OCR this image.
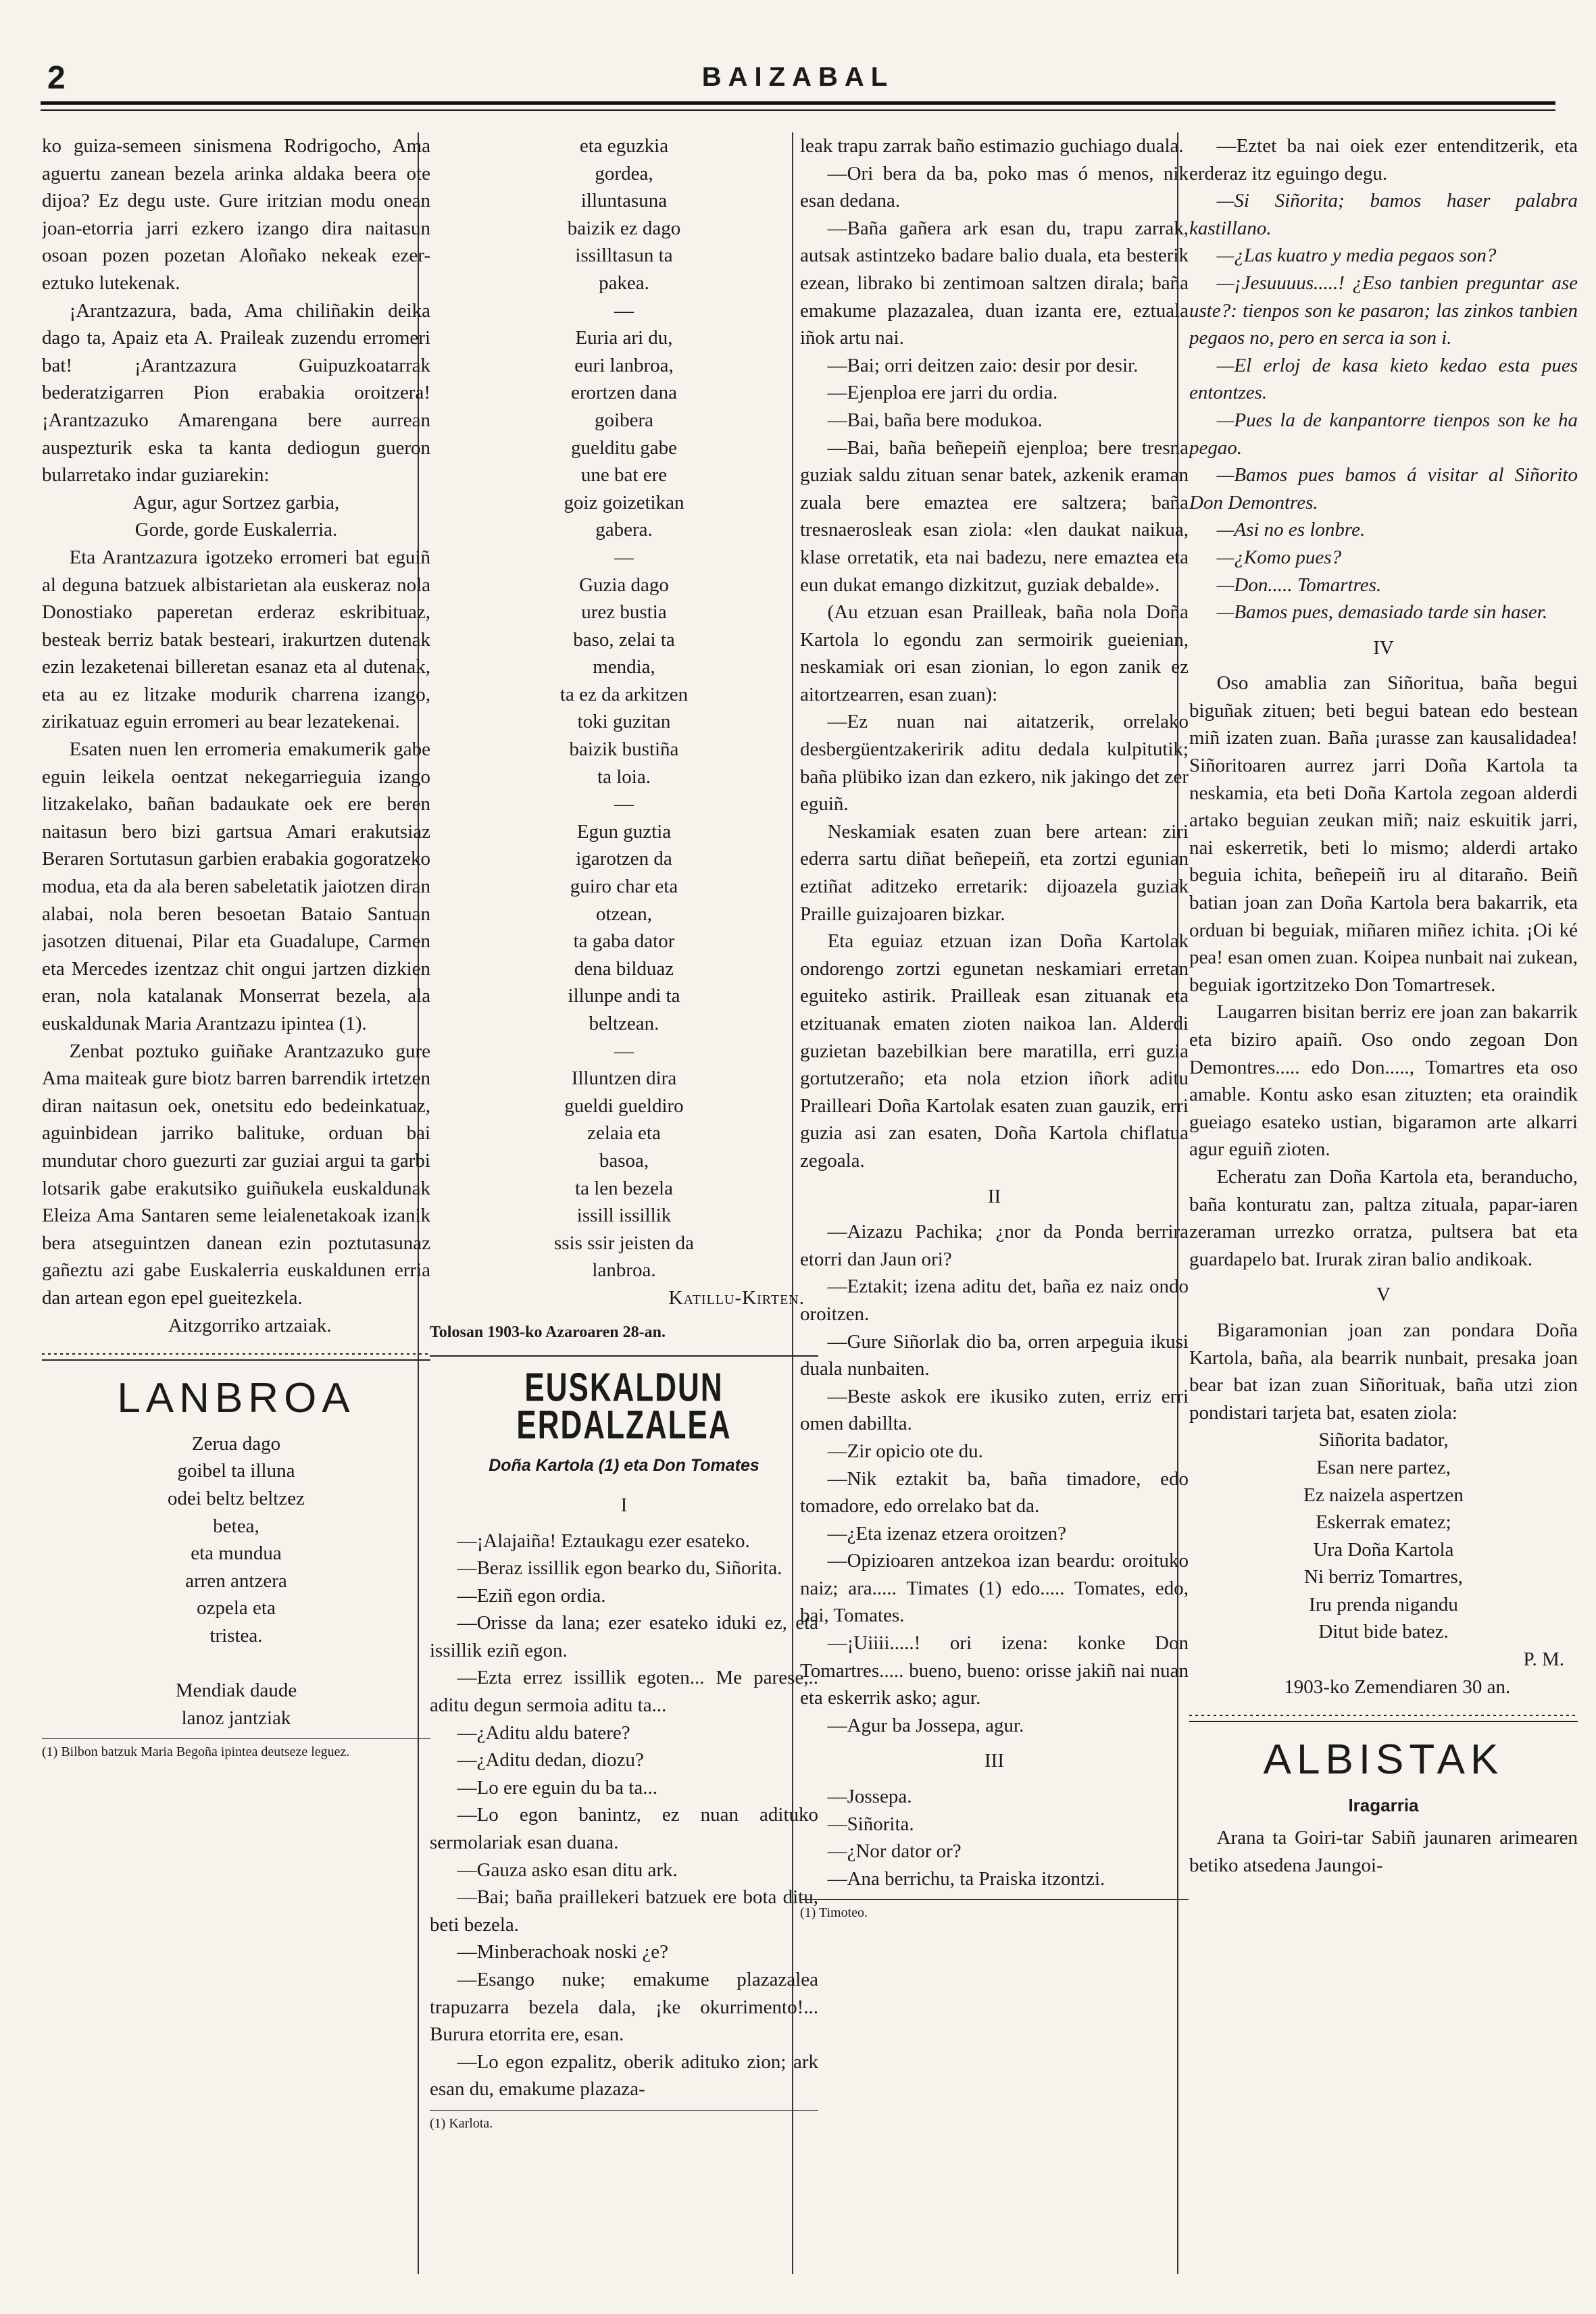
2	BAIZABAL

ko guiza-semeen sinismena Rodrigocho, Ama aguertu zanean bezela arinka aldaka beera ote dijoa? Ez degu uste. Gure iritzian modu onean joan-etorria jarri ezkero izango dira naitasun osoan pozen pozetan Aloñako nekeak ezer-eztuko lutekenak.

¡Arantzazura, bada, Ama chiliñakin deika dago ta, Apaiz eta A. Praileak zuzendu erromeri bat! ¡Arantzazura Guipuzkoatarrak bederatzigarren Pion erabakia oroitzera! ¡Arantzazuko Amarengana bere aurrean auspezturik eska ta kanta dediogun gueron bularretako indar guziarekin:

Agur, agur Sortzez garbia,
Gorde, gorde Euskalerria.

Eta Arantzazura igotzeko erromeri bat eguiñ al deguna batzuek albistarietan ala euskeraz nola Donostiako paperetan erderaz eskribituaz, besteak berriz batak besteari, irakurtzen dutenak ezin lezaketenai billeretan esanaz eta al dutenak, eta au ez litzake modurik charrena izango, zirikatuaz eguin erromeri au bear lezatekenai.

Esaten nuen len erromeria emakumerik gabe eguin leikela oentzat nekegarrieguia izango litzakelako, bañan badaukate oek ere beren naitasun bero bizi gartsua Amari erakutsiaz Beraren Sortutasun garbien erabakia gogoratzeko modua, eta da ala beren sabeletatik jaiotzen diran alabai, nola beren besoetan Bataio Santuan jasotzen dituenai, Pilar eta Guadalupe, Carmen eta Mercedes izentzaz chit ongui jartzen dizkien eran, nola katalanak Monserrat bezela, ala euskaldunak Maria Arantzazu ipintea (1).

Zenbat poztuko guiñake Arantzazuko gure Ama maiteak gure biotz barren barrendik irtetzen diran naitasun oek, onetsitu edo bedeinkatuaz, aguinbidean jarriko balituke, orduan bai mundutar choro guezurti zar guziai argui ta garbi lotsarik gabe erakutsiko guiñukela euskaldunak Eleiza Ama Santaren seme leialenetakoak izanik bera atseguintzen danean ezin poztutasunaz gañeztu azi gabe Euskalerria euskaldunen erria dan artean egon epel gueitezkela.

Aitzgorriko artzaiak.

LANBROA
Zerua dago
goibel ta illuna
odei beltz beltzez
betea,
eta mundua
arren antzera
ozpela eta
tristea.

Mendiak daude
lanoz jantziak
(1) Bilbon batzuk Maria Begoña ipintea deutseze leguez.
eta eguzkia
gordea,
illuntasuna
baizik ez dago
issilltasun ta
pakea.
—
Euria ari du,
euri lanbroa,
erortzen dana
goibera
guelditu gabe
une bat ere
goiz goizetikan
gabera.
—
Guzia dago
urez bustia
baso, zelai ta
mendia,
ta ez da arkitzen
toki guzitan
baizik bustiña
ta loia.
—
Egun guztia
igarotzen da
guiro char eta
otzean,
ta gaba dator
dena bilduaz
illunpe andi ta
beltzean.
—
Illuntzen dira
gueldi gueldiro
zelaia eta
basoa,
ta len bezela
issill issillik
ssis ssir jeisten da
lanbroa.

Katillu-Kirten.

Tolosan 1903-ko Azaroaren 28-an.
EUSKALDUN ERDALZALEA
Doña Kartola (1) eta Don Tomates
I

—¡Alajaiña! Eztaukagu ezer esateko.

—Beraz issillik egon bearko du, Siñorita.

—Eziñ egon ordia.

—Orisse da lana; ezer esateko iduki ez, eta issillik eziñ egon.

—Ezta errez issillik egoten... Me parese,.. aditu degun sermoia aditu ta...

—¿Aditu aldu batere?

—¿Aditu dedan, diozu?

—Lo ere eguin du ba ta...

—Lo egon banintz, ez nuan adituko sermolariak esan duana.

—Gauza asko esan ditu ark.

—Bai; baña praillekeri batzuek ere bota ditu, beti bezela.

—Minberachoak noski ¿e?

—Esango nuke; emakume plazazalea trapuzarra bezela dala, ¡ke okurrimento!... Burura etorrita ere, esan.

—Lo egon ezpalitz, oberik adituko zion; ark esan du, emakume plazaza-

(1) Karlota.

leak trapu zarrak baño estimazio guchiago duala.

—Ori bera da ba, poko mas ó menos, nik esan dedana.

—Baña gañera ark esan du, trapu zarrak, autsak astintzeko badare balio duala, eta besterik ezean, librako bi zentimoan saltzen dirala; baña emakume plazazalea, duan izanta ere, eztuala iñok artu nai.

—Bai; orri deitzen zaio: desir por desir.

—Ejenploa ere jarri du ordia.

—Bai, baña bere modukoa.

—Bai, baña beñepeiñ ejenploa; bere tresna guziak saldu zituan senar batek, azkenik eraman zuala bere emaztea ere saltzera; baña tresnaerosleak esan ziola: «len daukat naikua, klase orretatik, eta nai badezu, nere emaztea eta eun dukat emango dizkitzut, guziak debalde».

(Au etzuan esan Prailleak, baña nola Doña Kartola lo egondu zan sermoirik gueienian, neskamiak ori esan zionian, lo egon zanik ez aitortzearren, esan zuan):

—Ez nuan nai aitatzerik, orrelako desbergüentzakeririk aditu dedala kulpitutik; baña plübiko izan dan ezkero, nik jakingo det zer eguiñ.

Neskamiak esaten zuan bere artean: ziri ederra sartu diñat beñepeiñ, eta zortzi egunian eztiñat aditzeko erretarik: dijoazela guziak Praille guizajoaren bizkar.

Eta eguiaz etzuan izan Doña Kartolak ondorengo zortzi egunetan neskamiari erretan eguiteko astirik. Prailleak esan zituanak eta etzituanak ematen zioten naikoa lan. Alderdi guzietan bazebilkian bere maratilla, erri guzia gortutzeraño; eta nola etzion iñork aditu Prailleari Doña Kartolak esaten zuan gauzik, erri guzia asi zan esaten, Doña Kartola chiflatua zegoala.

II

—Aizazu Pachika; ¿nor da Ponda berrira etorri dan Jaun ori?

—Eztakit; izena aditu det, baña ez naiz ondo oroitzen.

—Gure Siñorlak dio ba, orren arpeguia ikusi duala nunbaiten.

—Beste askok ere ikusiko zuten, erriz erri omen dabillta.

—Zir opicio ote du.

—Nik eztakit ba, baña timadore, edo tomadore, edo orrelako bat da.

—¿Eta izenaz etzera oroitzen?

—Opizioaren antzekoa izan beardu: oroituko naiz; ara..... Timates (1) edo..... Tomates, edo, bai, Tomates.

—¡Uiiii.....! ori izena: konke Don Tomartres..... bueno, bueno: orisse jakiñ nai nuan eta eskerrik asko; agur.

—Agur ba Jossepa, agur.

III

—Jossepa.

—Siñorita.

—¿Nor dator or?

—Ana berrichu, ta Praiska itzontzi.

(1) Timoteo.

—Eztet ba nai oiek ezer entenditzerik, eta erderaz itz eguingo degu.

—Si Siñorita; bamos haser palabra kastillano.

—¿Las kuatro y media pegaos son?

—¡Jesuuuus.....! ¿Eso tanbien preguntar ase uste?: tienpos son ke pasaron; las zinkos tanbien pegaos no, pero en serca ia son i.

—El erloj de kasa kieto kedao esta pues entontzes.

—Pues la de kanpantorre tienpos son ke ha pegao.

—Bamos pues bamos á visitar al Siñorito Don Demontres.

—Asi no es lonbre.

—¿Komo pues?

—Don..... Tomartres.

—Bamos pues, demasiado tarde sin haser.

IV

Oso amablia zan Siñoritua, baña begui biguñak zituen; beti begui batean edo bestean miñ izaten zuan. Baña ¡urasse zan kausalidadea! Siñoritoaren aurrez jarri Doña Kartola ta neskamia, eta beti Doña Kartola zegoan alderdi artako beguian zeukan miñ; naiz eskuitik jarri, nai eskerretik, beti lo mismo; alderdi artako beguia ichita, beñepeiñ iru al ditaraño. Beiñ batian joan zan Doña Kartola bera bakarrik, eta orduan bi beguiak, miñaren miñez ichita. ¡Oi ké pea! esan omen zuan. Koipea nunbait nai zukean, beguiak igortzitzeko Don Tomartresek.

Laugarren bisitan berriz ere joan zan bakarrik eta biziro apaiñ. Oso ondo zegoan Don Demontres..... edo Don....., Tomartres eta oso amable. Kontu asko esan zituzten; eta oraindik gueiago esateko ustian, bigaramon arte alkarri agur eguiñ zioten.

Echeratu zan Doña Kartola eta, beranducho, baña konturatu zan, paltza zituala, papar-iaren zeraman urrezko orratza, pultsera bat eta guardapelo bat. Irurak ziran balio andikoak.

V

Bigaramonian joan zan pondara Doña Kartola, baña, ala bearrik nunbait, presaka joan bear bat izan zuan Siñorituak, baña utzi zion pondistari tarjeta bat, esaten ziola:

Siñorita badator,
Esan nere partez,
Ez naizela aspertzen
Eskerrak ematez;
Ura Doña Kartola
Ni berriz Tomartres,
Iru prenda nigandu
Ditut bide batez.

P. M.

1903-ko Zemendiaren 30 an.

ALBISTAK
Iragarria

Arana ta Goiri-tar Sabiñ jaunaren arimearen betiko atsedena Jaungoi-
